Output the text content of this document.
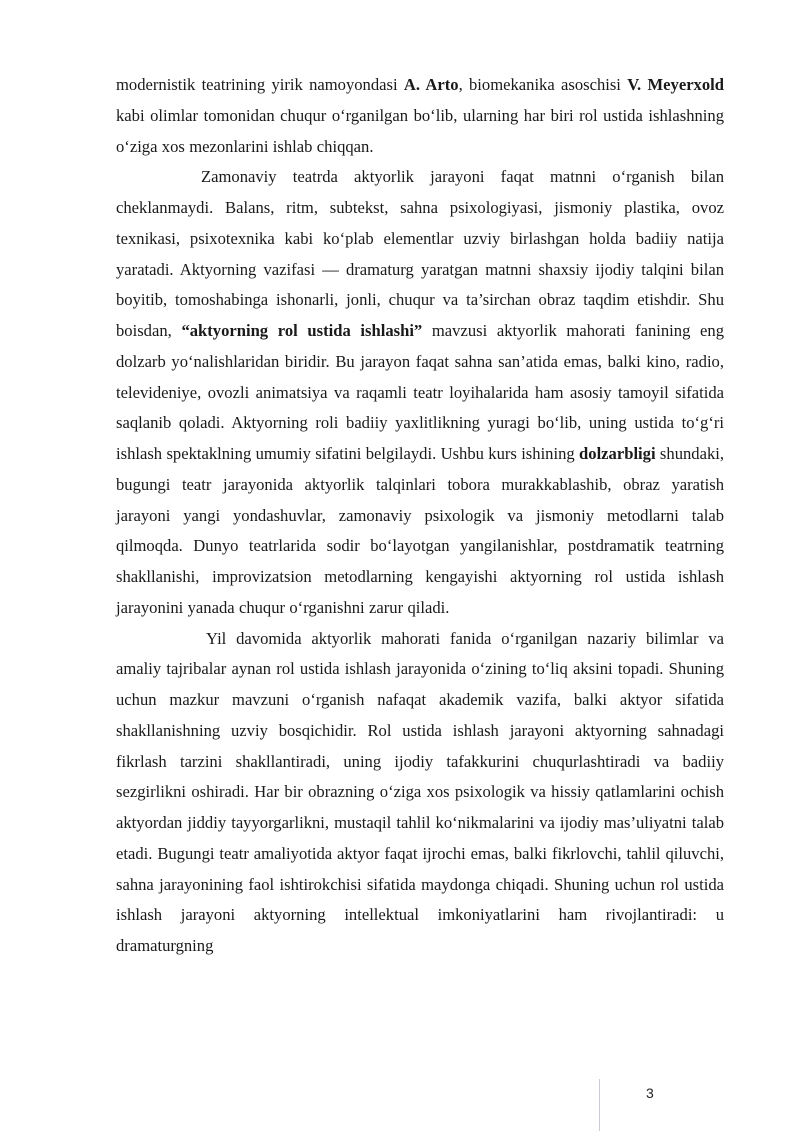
modernistik teatrining yirik namoyondasi A. Arto, biomekanika asoschisi V. Meyerxold kabi olimlar tomonidan chuqur o‘rganilgan bo‘lib, ularning har biri rol ustida ishlashning o‘ziga xos mezonlarini ishlab chiqqan.

Zamonaviy teatrda aktyorlik jarayoni faqat matnni o‘rganish bilan cheklanmaydi. Balans, ritm, subtekst, sahna psixologiyasi, jismoniy plastika, ovoz texnikasi, psixotexnika kabi ko‘plab elementlar uzviy birlashgan holda badiiy natija yaratadi. Aktyorning vazifasi — dramaturg yaratgan matnni shaxsiy ijodiy talqini bilan boyitib, tomoshabinga ishonarli, jonli, chuqur va ta’sirchan obraz taqdim etishdir. Shu boisdan, “aktyorning rol ustida ishlashi” mavzusi aktyorlik mahorati fanining eng dolzarb yo‘nalishlaridan biridir. Bu jarayon faqat sahna san’atida emas, balki kino, radio, televideniye, ovozli animatsiya va raqamli teatr loyihalarida ham asosiy tamoyil sifatida saqlanib qoladi. Aktyorning roli badiiy yaxlitlikning yuragi bo‘lib, uning ustida to‘g‘ri ishlash spektaklning umumiy sifatini belgilaydi. Ushbu kurs ishining dolzarbligi shundaki, bugungi teatr jarayonida aktyorlik talqinlari tobora murakkablashib, obraz yaratish jarayoni yangi yondashuvlar, zamonaviy psixologik va jismoniy metodlarni talab qilmoqda. Dunyo teatrlarida sodir bo‘layotgan yangilanishlar, postdramatik teatrning shakllanishi, improvizatsion metodlarning kengayishi aktyorning rol ustida ishlash jarayonini yanada chuqur o‘rganishni zarur qiladi.

Yil davomida aktyorlik mahorati fanida o‘rganilgan nazariy bilimlar va amaliy tajribalar aynan rol ustida ishlash jarayonida o‘zining to‘liq aksini topadi. Shuning uchun mazkur mavzuni o‘rganish nafaqat akademik vazifa, balki aktyor sifatida shakllanishning uzviy bosqichidir. Rol ustida ishlash jarayoni aktyorning sahnadagi fikrlash tarzini shakllantiradi, uning ijodiy tafakkurini chuqurlashtiradi va badiiy sezgirlikni oshiradi. Har bir obrazning o‘ziga xos psixologik va hissiy qatlamlarini ochish aktyordan jiddiy tayyorgarlikni, mustaqil tahlil ko‘nikmalarini va ijodiy mas’uliyatni talab etadi. Bugungi teatr amaliyotida aktyor faqat ijrochi emas, balki fikrlovchi, tahlil qiluvchi, sahna jarayonining faol ishtirokchisi sifatida maydonga chiqadi. Shuning uchun rol ustida ishlash jarayoni aktyorning intellektual imkoniyatlarini ham rivojlantiradi: u dramaturgning

3
